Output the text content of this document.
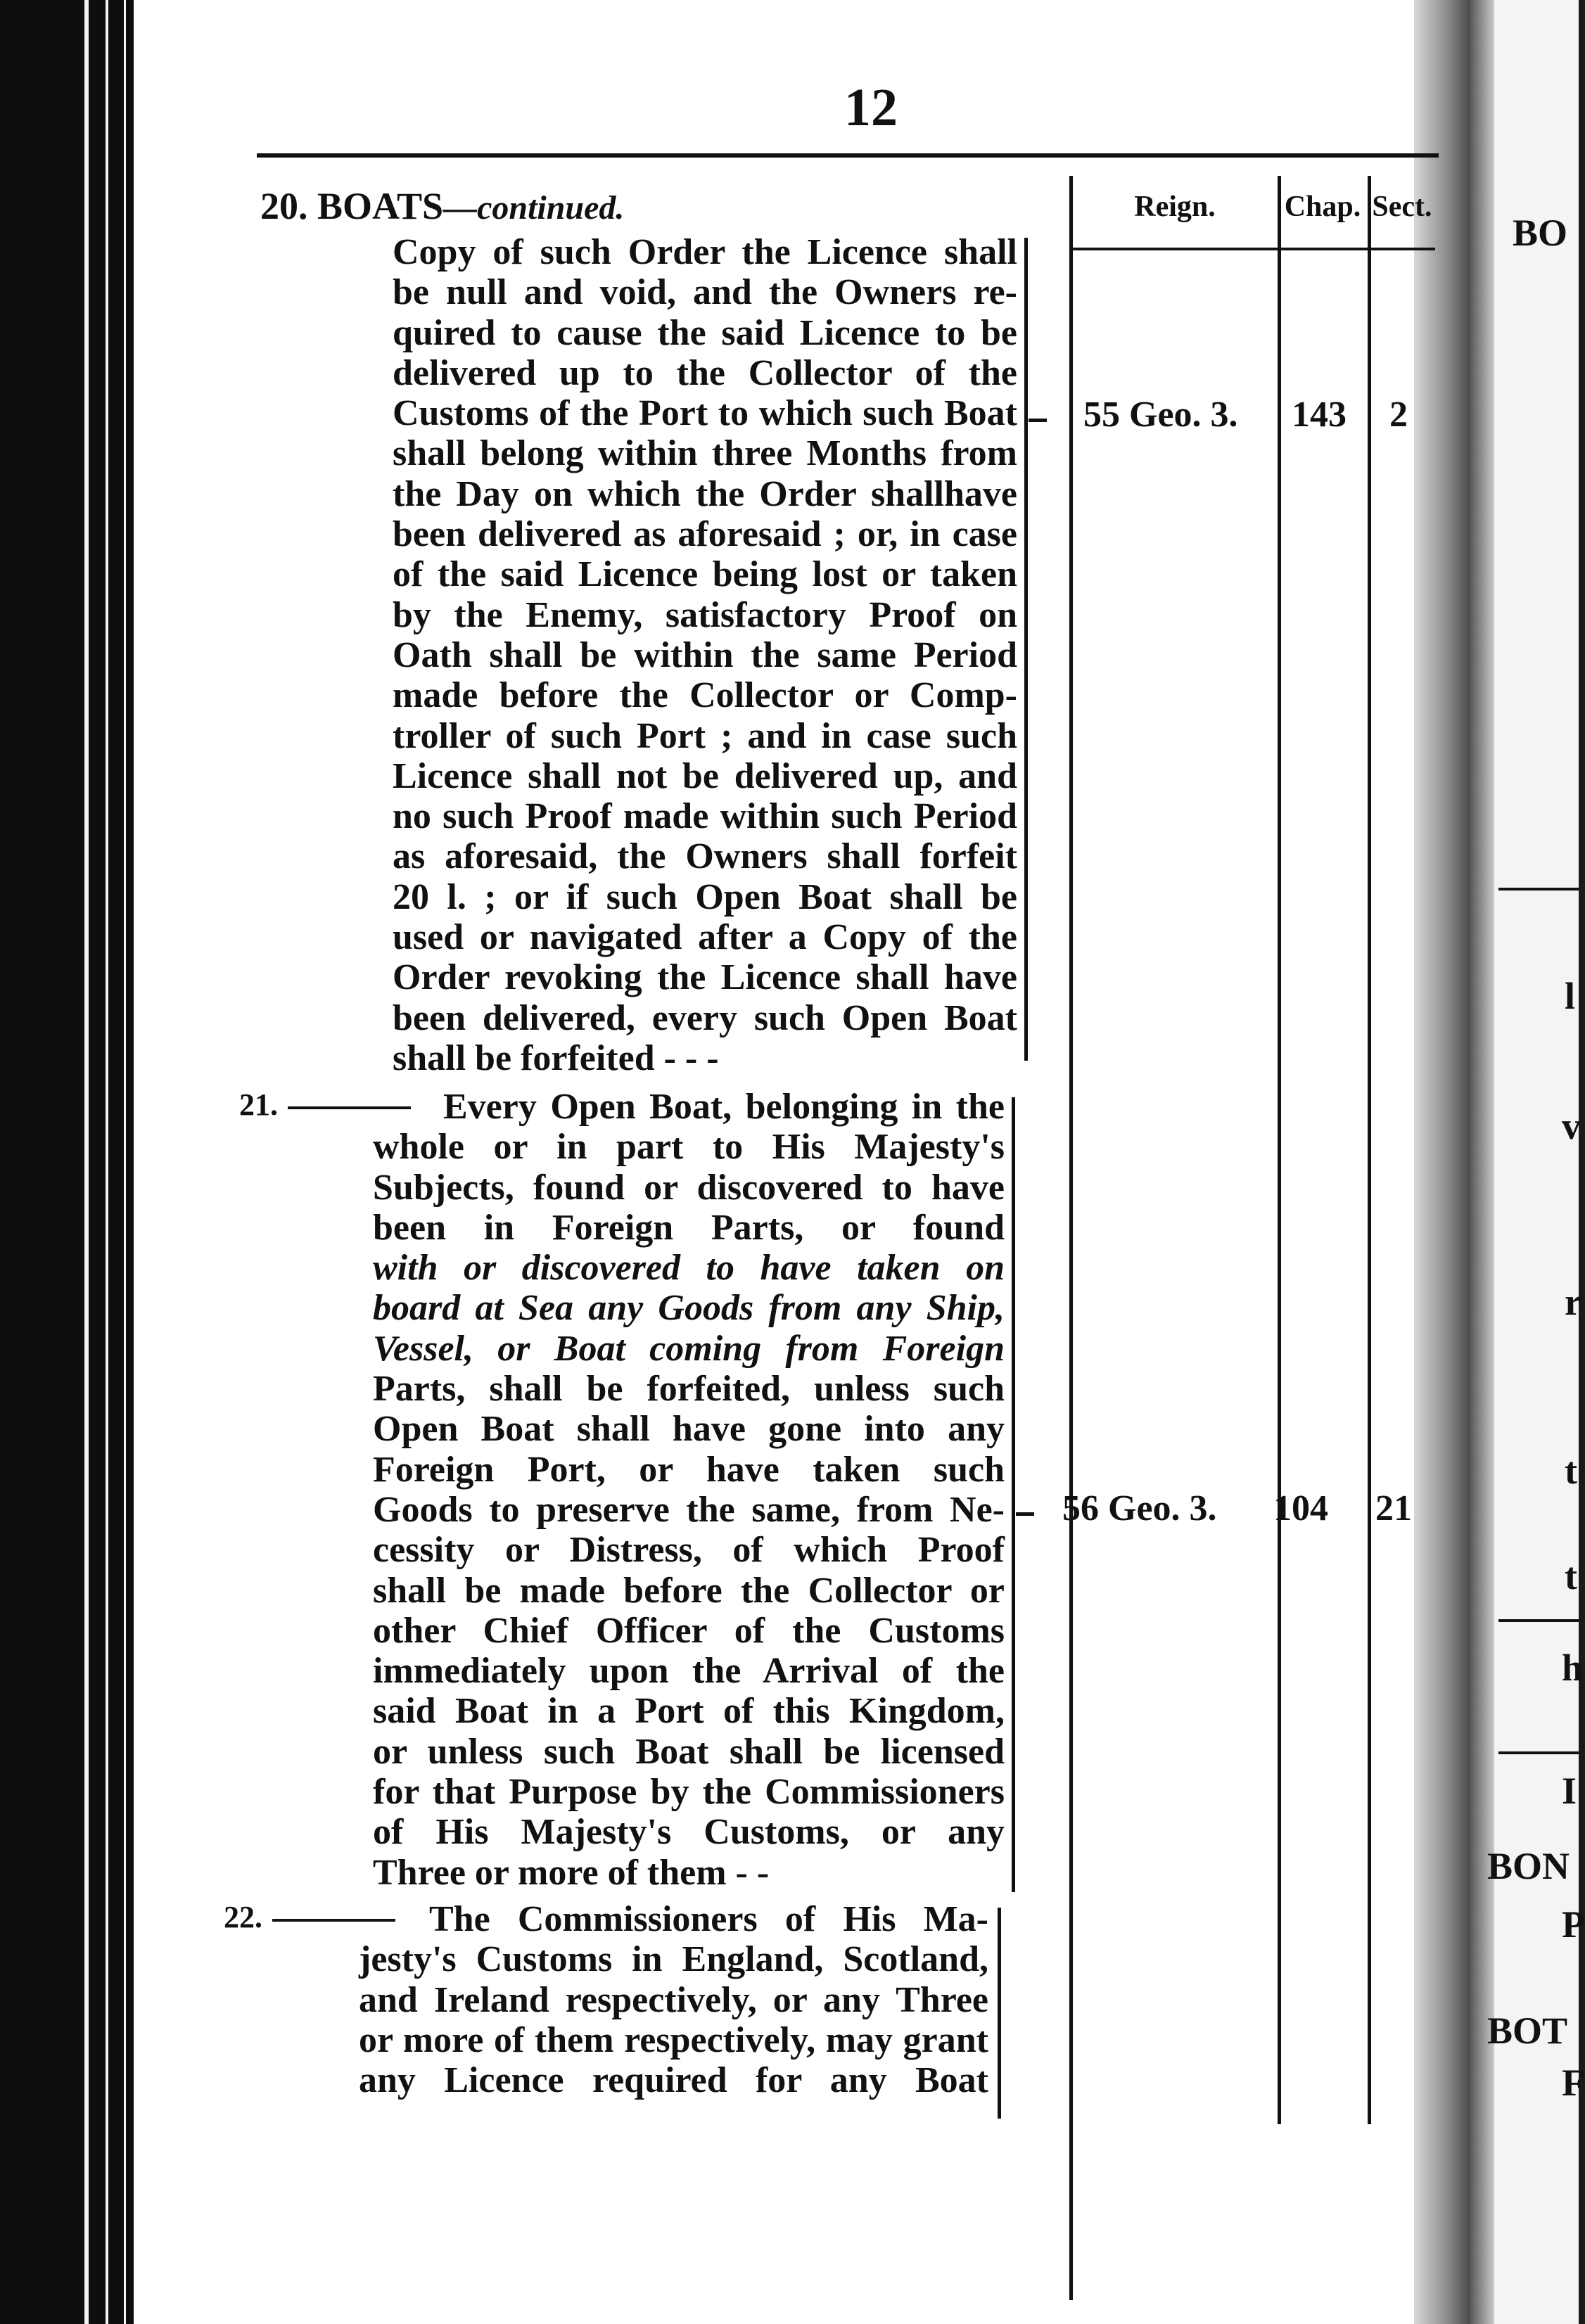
BO
l
v
r
t
t
h
I
BON
P
BOT
F
12
20. BOATS—continued.	Reign.	Chap. Sect.
Copy of such Order the Licence shall
be null and void, and the Owners re-
quired to cause the said Licence to be
delivered up to the Collector of the
Customs of the Port to which such Boat
shall belong within three Months from
the Day on which the Order shallhave
been delivered as aforesaid ; or, in case
of the said Licence being lost or taken
by the Enemy, satisfactory Proof on
Oath shall be within the same Period
made before the Collector or Comp-
troller of such Port ; and in case such
Licence shall not be delivered up, and
no such Proof made within such Period
as aforesaid, the Owners shall forfeit
20 l. ; or if such Open Boat shall be
used or navigated after a Copy of the
Order revoking the Licence shall have
been delivered, every such Open Boat
shall be forfeited - - -
55 Geo. 3. 143 2
21.	Every Open Boat, belonging in the
whole or in part to His Majesty's
Subjects, found or discovered to have
been in Foreign Parts, or found
with or discovered to have taken on
board at Sea any Goods from any Ship,
Vessel, or Boat coming from Foreign
Parts, shall be forfeited, unless such
Open Boat shall have gone into any
Foreign Port, or have taken such
Goods to preserve the same, from Ne-
cessity or Distress, of which Proof
shall be made before the Collector or
other Chief Officer of the Customs
immediately upon the Arrival of the
said Boat in a Port of this Kingdom,
or unless such Boat shall be licensed
for that Purpose by the Commissioners
of His Majesty's Customs, or any
Three or more of them - -
56 Geo. 3. 104 21
22.	The Commissioners of His Ma-
jesty's Customs in England, Scotland,
and Ireland respectively, or any Three
or more of them respectively, may grant
any Licence required for any Boat
